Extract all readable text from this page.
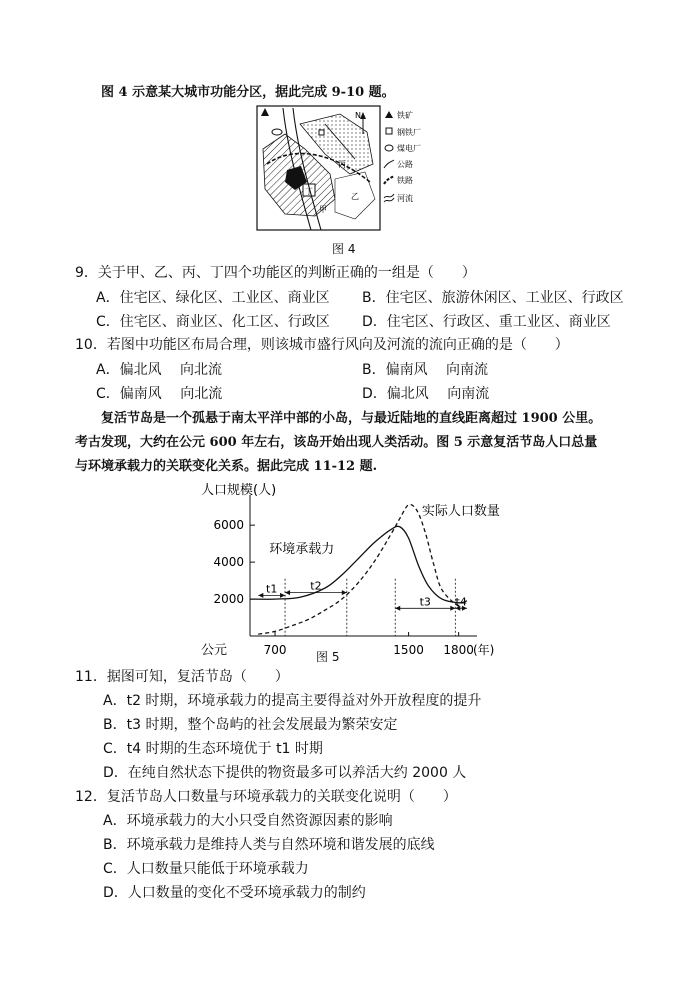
图 4 示意某大城市功能分区，据此完成 9-10 题。
丁
丙
甲
乙
N	铁矿
钢铁厂
煤电厂
公路
铁路
河流
图 4
9．关于甲、乙、丙、丁四个功能区的判断正确的一组是（　　）
A．住宅区、绿化区、工业区、商业区 B．住宅区、旅游休闲区、工业区、行政区
C．住宅区、商业区、化工区、行政区 D．住宅区、行政区、重工业区、商业区
10．若图中功能区布局合理，则该城市盛行风向及河流的流向正确的是（　　）
A．偏北风　 向北流	B．偏南风　 向南流
C．偏南风　 向北流	D．偏北风　 向南流
复活节岛是一个孤悬于南太平洋中部的小岛，与最近陆地的直线距离超过 1900 公里。
考古发现，大约在公元 600 年左右，该岛开始出现人类活动。图 5 示意复活节岛人口总量
与环境承载力的关联变化关系。据此完成 11-12 题.
人口规模(人)
公元	(年)
2000
4000
6000
700	1500 1800
环境承载力
实际人口数量
t1	t2
t3 t4
图 5
11．据图可知，复活节岛（　　）
A．t2 时期，环境承载力的提高主要得益对外开放程度的提升
B．t3 时期，整个岛屿的社会发展最为繁荣安定
C．t4 时期的生态环境优于 t1 时期
D．在纯自然状态下提供的物资最多可以养活大约 2000 人
12．复活节岛人口数量与环境承载力的关联变化说明（　　）
A．环境承载力的大小只受自然资源因素的影响
B．环境承载力是维持人类与自然环境和谐发展的底线
C．人口数量只能低于环境承载力
D．人口数量的变化不受环境承载力的制约
